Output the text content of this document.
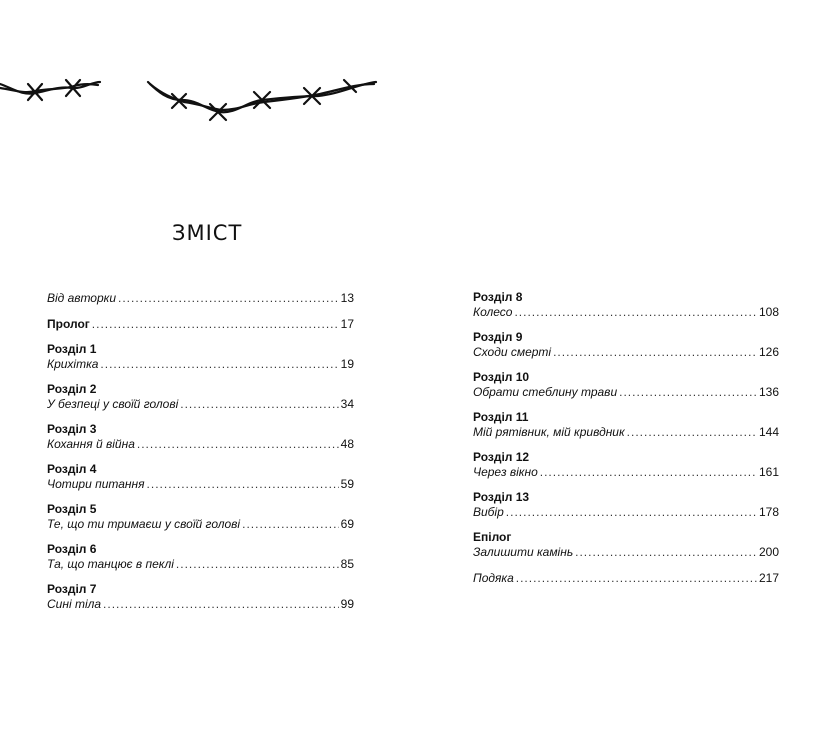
ЗМІСТ
Від авторки .....	13
Пролог .....	17
Розділ 1
Крихітка .....	19
Розділ 2
У безпеці у своїй голові .....	34
Розділ 3
Кохання й війна .....	48
Розділ 4
Чотири питання .....	59
Розділ 5
Те, що ти тримаєш у своїй голові .....	69
Розділ 6
Та, що танцює в пеклі .....	85
Розділ 7
Сині тіла .....	99
Розділ 8
Колесо .....	108
Розділ 9
Сходи смерті .....	126
Розділ 10
Обрати стеблину трави .....	136
Розділ 11
Мій рятівник, мій кривдник .....	144
Розділ 12
Через вікно .....	161
Розділ 13
Вибір .....	178
Епілог
Залишити камінь .....	200
Подяка .....	217
